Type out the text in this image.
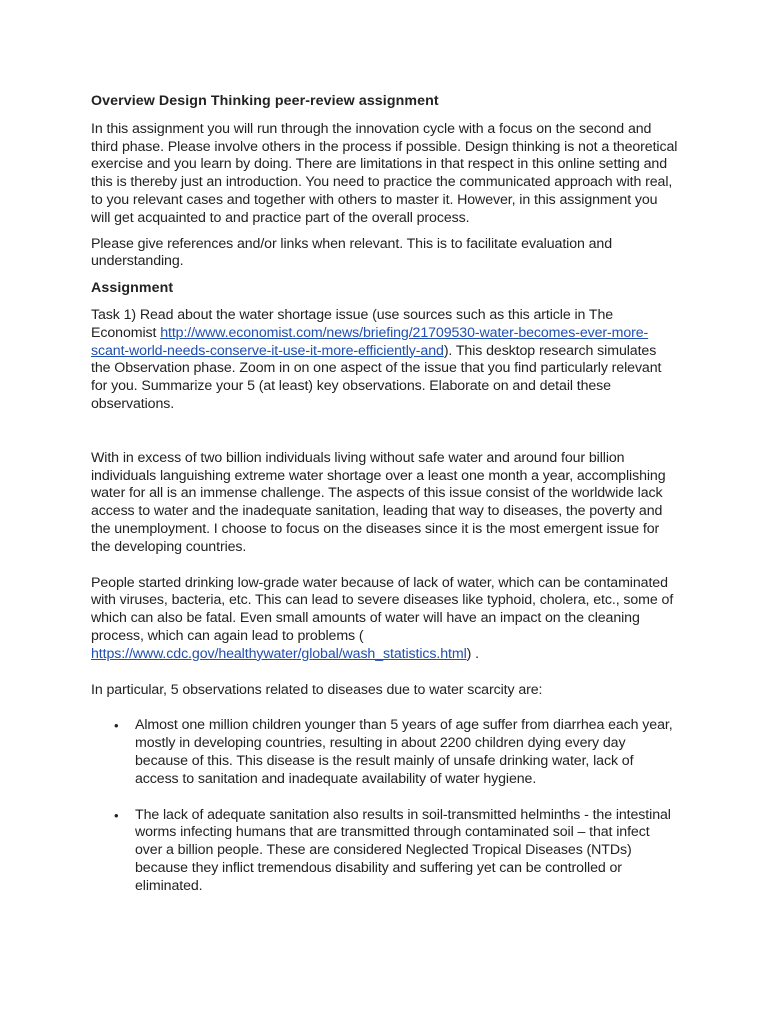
Overview Design Thinking peer-review assignment

In this assignment you will run through the innovation cycle with a focus on the second and third phase. Please involve others in the process if possible. Design thinking is not a theoretical exercise and you learn by doing. There are limitations in that respect in this online setting and this is thereby just an introduction. You need to practice the communicated approach with real, to you relevant cases and together with others to master it. However, in this assignment you will get acquainted to and practice part of the overall process.

Please give references and/or links when relevant. This is to facilitate evaluation and understanding.

Assignment

Task 1) Read about the water shortage issue (use sources such as this article in The Economist http://www.economist.com/news/briefing/21709530-water-becomes-ever-more-scant-world-needs-conserve-it-use-it-more-efficiently-and). This desktop research simulates the Observation phase. Zoom in on one aspect of the issue that you find particularly relevant for you. Summarize your 5 (at least) key observations. Elaborate on and detail these observations.

With in excess of two billion individuals living without safe water and around four billion individuals languishing extreme water shortage over a least one month a year, accomplishing water for all is an immense challenge. The aspects of this issue consist of the worldwide lack access to water and the inadequate sanitation, leading that way to diseases, the poverty and the unemployment. I choose to focus on the diseases since it is the most emergent issue for the developing countries.

People started drinking low-grade water because of lack of water, which can be contaminated with viruses, bacteria, etc. This can lead to severe diseases like typhoid, cholera, etc., some of which can also be fatal. Even small amounts of water will have an impact on the cleaning process, which can again lead to problems ( https://www.cdc.gov/healthywater/global/wash_statistics.html) .

In particular, 5 observations related to diseases due to water scarcity are:

• Almost one million children younger than 5 years of age suffer from diarrhea each year, mostly in developing countries, resulting in about 2200 children dying every day because of this. This disease is the result mainly of unsafe drinking water, lack of access to sanitation and inadequate availability of water hygiene.
• The lack of adequate sanitation also results in soil-transmitted helminths - the intestinal worms infecting humans that are transmitted through contaminated soil – that infect over a billion people. These are considered Neglected Tropical Diseases (NTDs) because they inflict tremendous disability and suffering yet can be controlled or eliminated.
